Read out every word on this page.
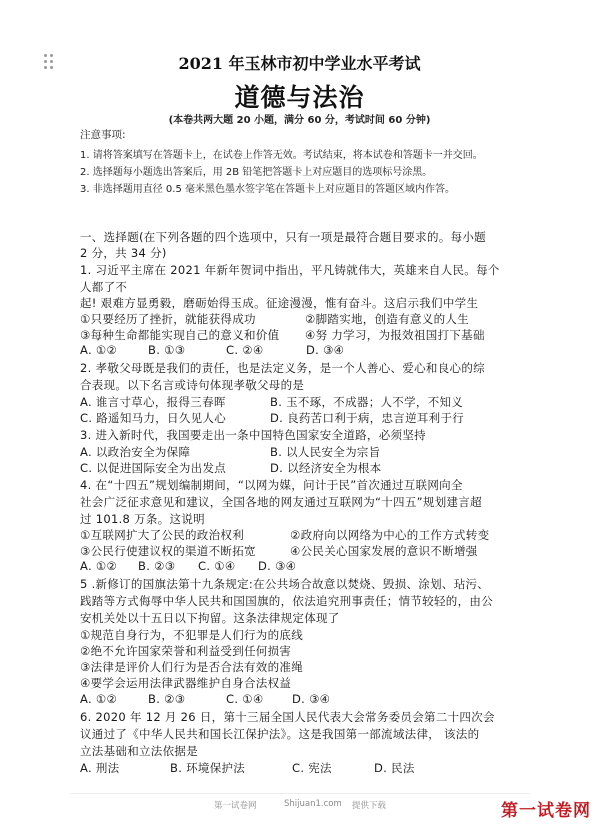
2021 年玉林市初中学业水平考试
道德与法治
(本卷共两大题 20 小题，满分 60 分，考试时间 60 分钟)
注意事项:
1. 请将答案填写在答题卡上，在试卷上作答无效。考试结束，将本试卷和答题卡一并交回。
2. 选择题每小题选出答案后，用 2B 铅笔把答题卡上对应题目的选项标号涂黑。
3. 非选择题用直径 0.5 毫米黑色墨水签字笔在答题卡上对应题目的答题区域内作答。
一、选择题(在下列各题的四个选项中，只有一项是最符合题目要求的。每小题
2 分，共 34 分)
1. 习近平主席在 2021 年新年贺词中指出，平凡铸就伟大，英雄来自人民。每个
人都了不
起! 艰难方显勇毅，磨砺始得玉成。征途漫漫，惟有奋斗。这启示我们中学生
①只要经历了挫折，就能获得成功	②脚踏实地，创造有意义的人生
③每种生命都能实现自己的意义和价值 ④努 力学习，为报效祖国打下基础
A. ①②	B. ①③	C. ②④	D. ③④
2. 孝敬父母既是我们的责任，也是法定义务，是一个人善心、爱心和良心的综
合表现。以下名言或诗句体现孝敬父母的是
A. 谁言寸草心，报得三春晖	B. 玉不琢，不成器；人不学，不知义
C. 路遥知马力，日久见人心	D. 良药苦口利于病，忠言逆耳利于行
3. 进入新时代，我国要走出一条中国特色国家安全道路，必须坚持
A. 以政治安全为保障	B. 以人民安全为宗旨
C. 以促进国际安全为出发点	D. 以经济安全为根本
4. 在“十四五”规划编制期间，“以网为媒，问计于民”首次通过互联网向全
社会广泛征求意见和建议，全国各地的网友通过互联网为“十四五”规划建言超
过 101.8 万条。这说明
①互联网扩大了公民的政治权利	②政府向以网络为中心的工作方式转变
③公民行使建议权的渠道不断拓宽	④公民关心国家发展的意识不断增强
A. ①② B. ②③ C. ①④ D. ③④
5 .新修订的国旗法第十九条规定:在公共场合故意以焚烧、毁损、涂划、玷污、
践踏等方式侮辱中华人民共和国国旗的，依法追究刑事责任；情节较轻的，由公
安机关处以十五日以下拘留。这条法律规定体现了
①规范自身行为，不犯罪是人们行为的底线
②绝不允许国家荣誉和利益受到任何损害
③法律是评价人们行为是否合法有效的准绳
④要学会运用法律武器维护自身合法权益
A. ①②	B. ②③	C. ①④ D. ③④
6. 2020 年 12 月 26 日，第十三届全国人民代表大会常务委员会第二十四次会
议通过了《中华人民共和国长江保护法》。这是我国第一部流域法律， 该法的
立法基础和立法依据是
A. 刑法	B. 环境保护法	C. 宪法	D. 民法
第一试卷网	Shijuan1.com 提供下载	第一试卷网
